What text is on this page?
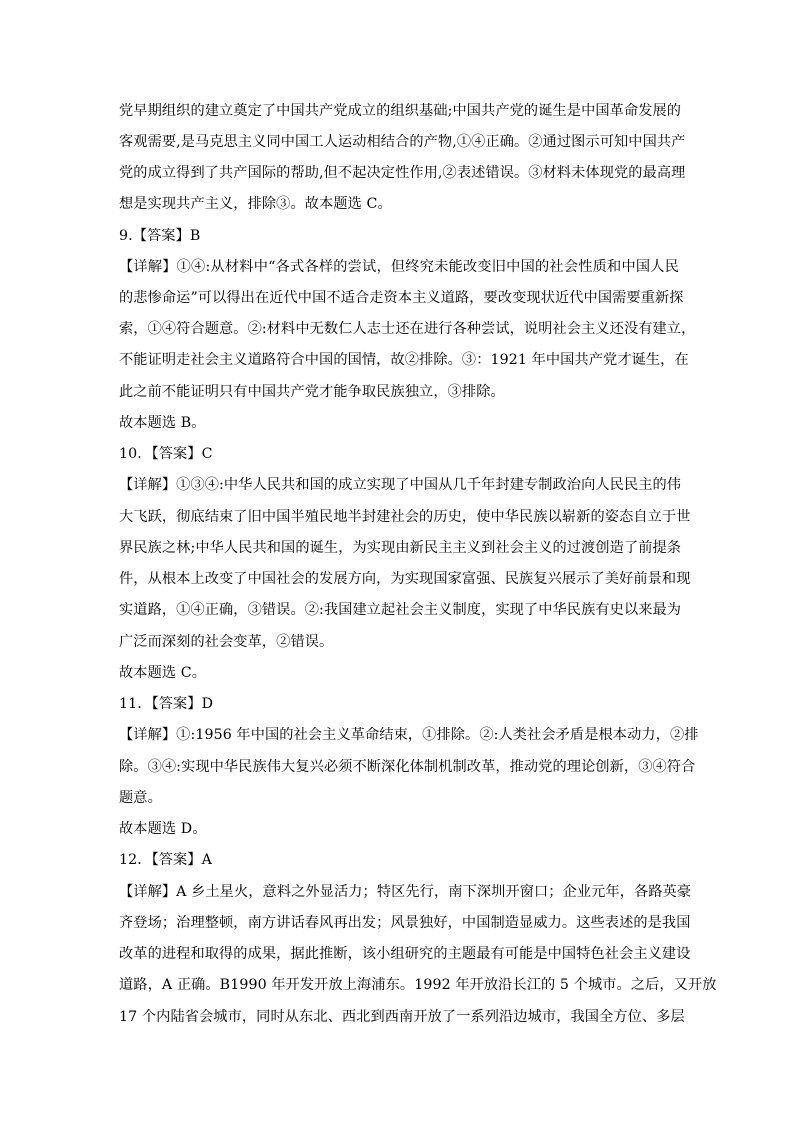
党早期组织的建立奠定了中国共产党成立的组织基础;中国共产党的诞生是中国革命发展的
客观需要,是马克思主义同中国工人运动相结合的产物,①④正确。②通过图示可知中国共产
党的成立得到了共产国际的帮助,但不起决定性作用,②表述错误。③材料未体现党的最高理
想是实现共产主义，排除③。故本题选 C。
9.【答案】B
【详解】①④:从材料中“各式各样的尝试，但终究未能改变旧中国的社会性质和中国人民
的悲惨命运”可以得出在近代中国不适合走资本主义道路，要改变现状近代中国需要重新探
索，①④符合题意。②:材料中无数仁人志士还在进行各种尝试，说明社会主义还没有建立，
不能证明走社会主义道路符合中国的国情，故②排除。③：1921 年中国共产党才诞生，在
此之前不能证明只有中国共产党才能争取民族独立，③排除。
故本题选 B。
10．【答案】C
【详解】①③④:中华人民共和国的成立实现了中国从几千年封建专制政治向人民民主的伟
大飞跃，彻底结束了旧中国半殖民地半封建社会的历史，使中华民族以崭新的姿态自立于世
界民族之林;中华人民共和国的诞生，为实现由新民主主义到社会主义的过渡创造了前提条
件，从根本上改变了中国社会的发展方向，为实现国家富强、民族复兴展示了美好前景和现
实道路，①④正确，③错误。②:我国建立起社会主义制度，实现了中华民族有史以来最为
广泛而深刻的社会变革，②错误。
故本题选 C。
11．【答案】D
【详解】①:1956 年中国的社会主义革命结束，①排除。②:人类社会矛盾是根本动力，②排
除。③④:实现中华民族伟大复兴必须不断深化体制机制改革，推动党的理论创新，③④符合
题意。
故本题选 D。
12．【答案】A
【详解】A 乡土星火，意料之外显活力；特区先行，南下深圳开窗口；企业元年，各路英豪
齐登场；治理整顿，南方讲话春风再出发；风景独好，中国制造显威力。这些表述的是我国
改革的进程和取得的成果，据此推断，该小组研究的主题最有可能是中国特色社会主义建设
道路，A 正确。B1990 年开发开放上海浦东。1992 年开放沿长江的 5 个城市。之后，又开放
17 个内陆省会城市，同时从东北、西北到西南开放了一系列沿边城市，我国全方位、多层
